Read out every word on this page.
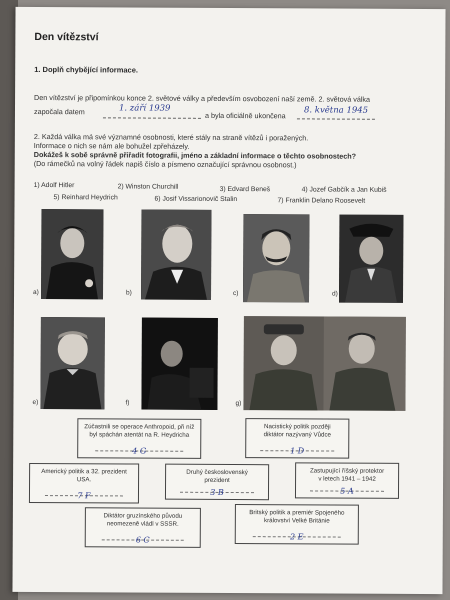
Den vítězství
1. Doplň chybějící informace.
Den vítězství je připomínkou konce 2. světové války a především osvobození naší země. 2. světová válka
započala datem	1. září 1939
a byla oficiálně ukončena 8. května 1945
2. Každá válka má své významné osobnosti, které stály na straně vítězů i poražených.
Informace o nich se nám ale bohužel zpřeházely.
Dokážeš k sobě správně přiřadit fotografii, jméno a základní informace o těchto osobnostech?
(Do rámečků na volný řádek napiš číslo a písmeno označující správnou osobnost.)
1) Adolf Hitler	2) Winston Churchill	3) Edvard Beneš	4) Jozef Gabčík a Jan Kubiš
5) Reinhard Heydrich	6) Josif Vissarionovič Stalin	7) Franklin Delano Roosevelt
a)	b)	c)	d)
e)	f)	g)
Zúčastnili se operace Anthropoid, při níž
byl spáchán atentát na R. Heydricha
4 G
Nacistický politik později
diktátor nazývaný Vůdce
1 D
Americký politik a 32. prezident
USA.
7 F
Druhý československý
prezident
3 B
Zastupující říšský protektor
v letech 1941 – 1942
5 A
Diktátor gruzínského původu
neomezeně vládl v SSSR.
6 C
Britský politik a premiér Spojeného
království Velké Británie
2 E
